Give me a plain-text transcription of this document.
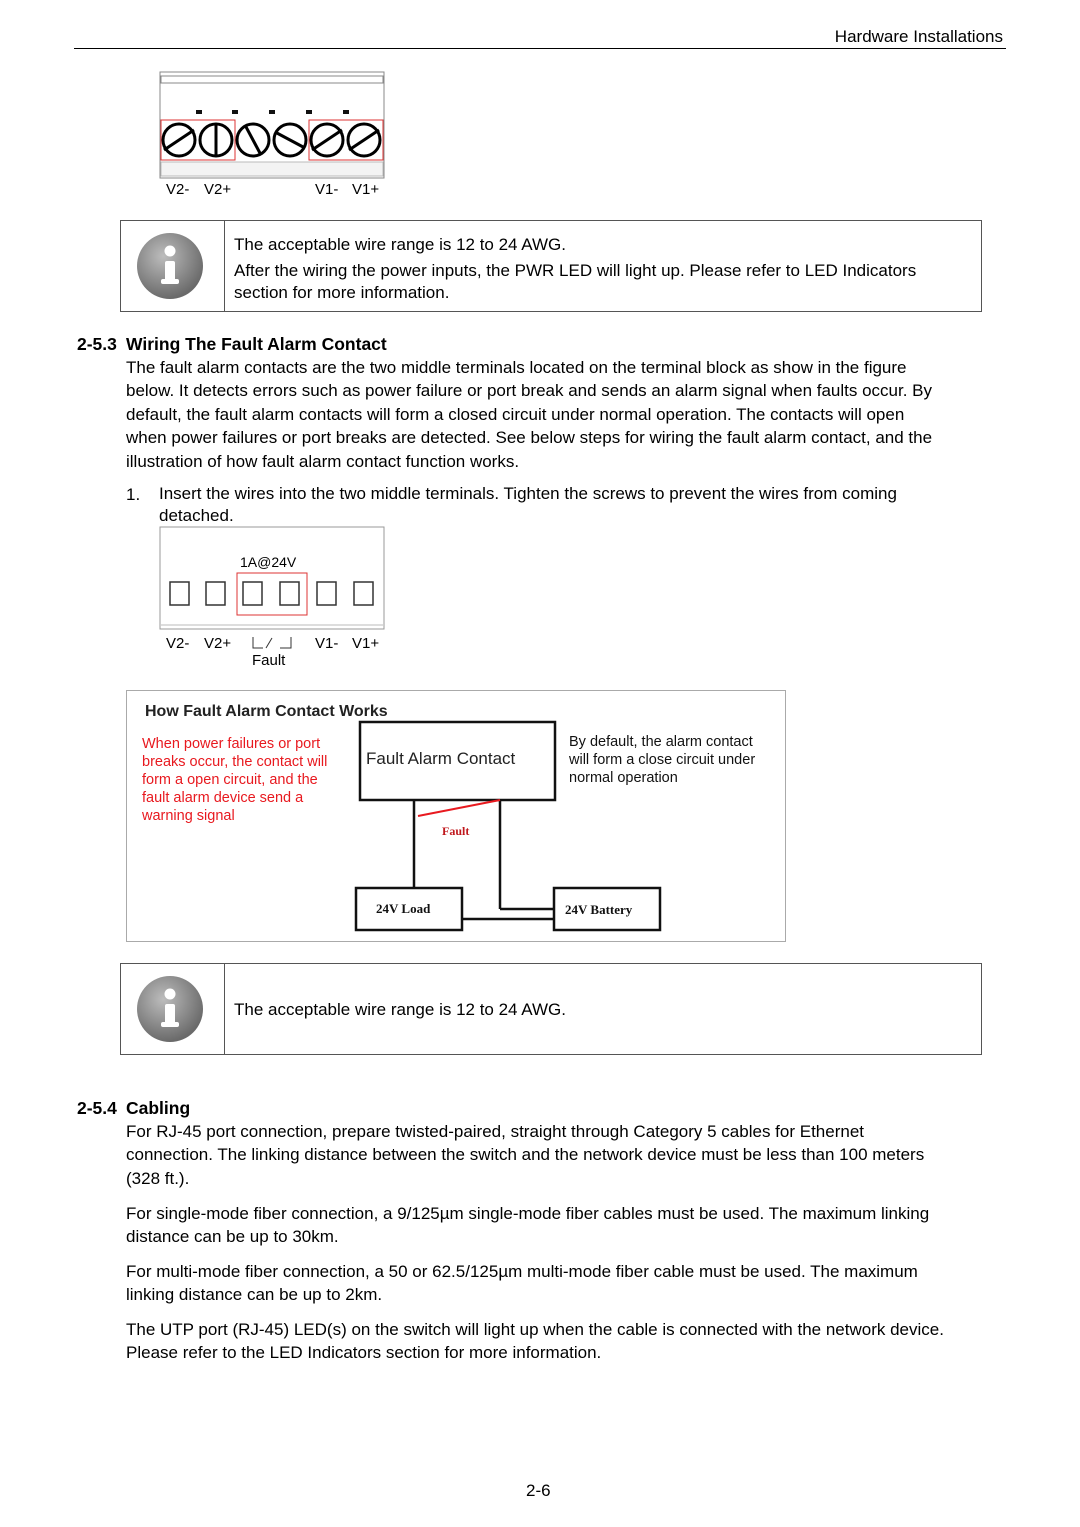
Hardware Installations
V2- V2+	V1- V1+
The acceptable wire range is 12 to 24 AWG.
After the wiring the power inputs, the PWR LED will light up. Please refer to LED Indicators
section for more information.
2-5.3 Wiring The Fault Alarm Contact
The fault alarm contacts are the two middle terminals located on the terminal block as show in the figure
below. It detects errors such as power failure or port break and sends an alarm signal when faults occur. By
default, the fault alarm contacts will form a closed circuit under normal operation. The contacts will open
when power failures or port breaks are detected. See below steps for wiring the fault alarm contact, and the
illustration of how fault alarm contact function works.
1. Insert the wires into the two middle terminals. Tighten the screws to prevent the wires from coming
detached.
1A@24V
V2- V2+	V1- V1+
Fault
How Fault Alarm Contact Works
When power failures or port
breaks occur, the contact will
form a open circuit, and the
fault alarm device send a
warning signal
Fault Alarm Contact
By default, the alarm contact
will form a close circuit under
normal operation
Fault
24V Load	24V Battery
The acceptable wire range is 12 to 24 AWG.
2-5.4 Cabling
For RJ-45 port connection, prepare twisted-paired, straight through Category 5 cables for Ethernet
connection. The linking distance between the switch and the network device must be less than 100 meters
(328 ft.).
For single-mode fiber connection, a 9/125µm single-mode fiber cables must be used. The maximum linking
distance can be up to 30km.
For multi-mode fiber connection, a 50 or 62.5/125µm multi-mode fiber cable must be used. The maximum
linking distance can be up to 2km.
The UTP port (RJ-45) LED(s) on the switch will light up when the cable is connected with the network device.
Please refer to the LED Indicators section for more information.
2-6
